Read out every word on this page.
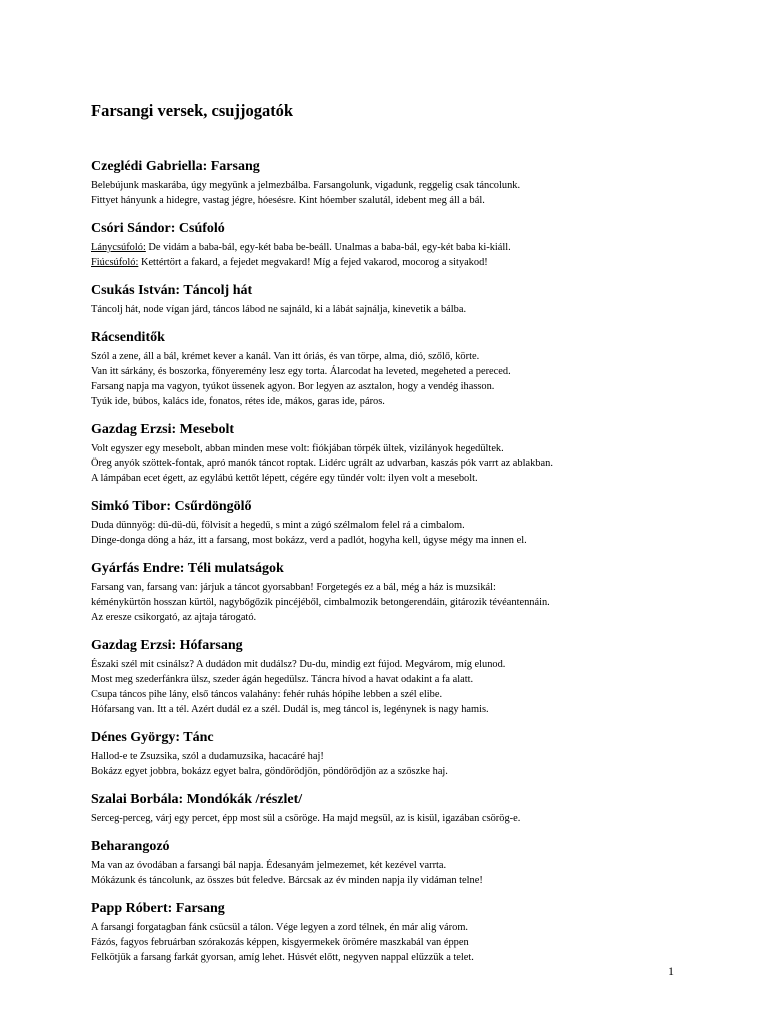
Farsangi versek, csujjogatók
Czeglédi Gabriella: Farsang
Belebújunk maskarába, úgy megyünk a jelmezbálba. Farsangolunk, vigadunk, reggelig csak táncolunk.
Fittyet hányunk a hidegre, vastag jégre, hóesésre. Kint hóember szalutál, idebent meg áll a bál.
Csóri Sándor: Csúfoló
Lánycsúfoló: De vidám a baba-bál, egy-két baba be-beáll. Unalmas a baba-bál, egy-két baba ki-kiáll.
Fiúcsúfoló: Kettértört a fakard, a fejedet megvakard! Míg a fejed vakarod, mocorog a sityakod!
Csukás István: Táncolj hát
Táncolj hát, node vígan járd, táncos lábod ne sajnáld, ki a lábát sajnálja, kinevetik a bálba.
Rácsenditők
Szól a zene, áll a bál, krémet kever a kanál. Van itt óriás, és van törpe, alma, dió, szőlő, körte.
Van itt sárkány, és boszorka, főnyeremény lesz egy torta. Álarcodat ha leveted, megeheted a pereced.
Farsang napja ma vagyon, tyúkot üssenek agyon. Bor legyen az asztalon, hogy a vendég ihasson.
Tyúk ide, búbos, kalács ide, fonatos, rétes ide, mákos, garas ide, páros.
Gazdag Erzsi: Mesebolt
Volt egyszer egy mesebolt, abban minden mese volt: fiókjában törpék ültek, vizilányok hegedültek.
Öreg anyók szöttek-fontak, apró manók táncot roptak. Lidérc ugrált az udvarban, kaszás pók varrt az ablakban.
A lámpában ecet égett, az egylábú kettőt lépett, cégére egy tündér volt: ilyen volt a mesebolt.
Simkó Tibor: Csűrdöngölő
Duda dünnyög: dü-dü-dü, fölvisít a hegedű, s mint a zúgó szélmalom felel rá a cimbalom.
Dinge-donga döng a ház, itt a farsang, most bokázz, verd a padlót, hogyha kell, úgyse mégy ma innen el.
Gyárfás Endre: Téli mulatságok
Farsang van, farsang van: járjuk a táncot gyorsabban! Forgetegés ez a bál, még a ház is muzsikál:
kéménykürtön hosszan kürtöl, nagybőgőzik pincéjéből, cimbalmozik betongerendáin, gitározik tévéantennáin.
Az eresze csikorgató, az ajtaja tárogató.
Gazdag Erzsi: Hófarsang
Északi szél mit csinálsz? A dudádon mit dudálsz? Du-du, mindig ezt fújod. Megvárom, míg elunod.
Most meg szederfánkra ülsz, szeder ágán hegedülsz. Táncra hívod a havat odakint a fa alatt.
Csupa táncos pihe lány, első táncos valahány: fehér ruhás hópihe lebben a szél elibe.
Hófarsang van. Itt a tél. Azért dudál ez a szél. Dudál is, meg táncol is, legénynek is nagy hamis.
Dénes György: Tánc
Hallod-e te Zsuzsika, szól a dudamuzsika, hacacáré haj!
Bokázz egyet jobbra, bokázz egyet balra, göndörödjön, pöndörödjön az a szöszke haj.
Szalai Borbála: Mondókák /részlet/
Serceg-perceg, várj egy percet, épp most sül a csörögе. Ha majd megsül, az is kisül, igazában csörög-e.
Beharangozó
Ma van az óvodában a farsangi bál napja. Édesanyám jelmezemet, két kezével varrta.
Mókázunk és táncolunk, az összes bút feledve. Bárcsak az év minden napja ily vidáman telne!
Papp Róbert: Farsang
A farsangi forgatagban fánk csücsül a tálon. Vége legyen a zord télnek, én már alig várom.
Fázós, fagyos februárban szórakozás képpen, kisgyermekek örömére maszkabál van éppen
Felkötjük a farsang farkát gyorsan, amíg lehet. Húsvét előtt, negyven nappal elűzzük a telet.
1
